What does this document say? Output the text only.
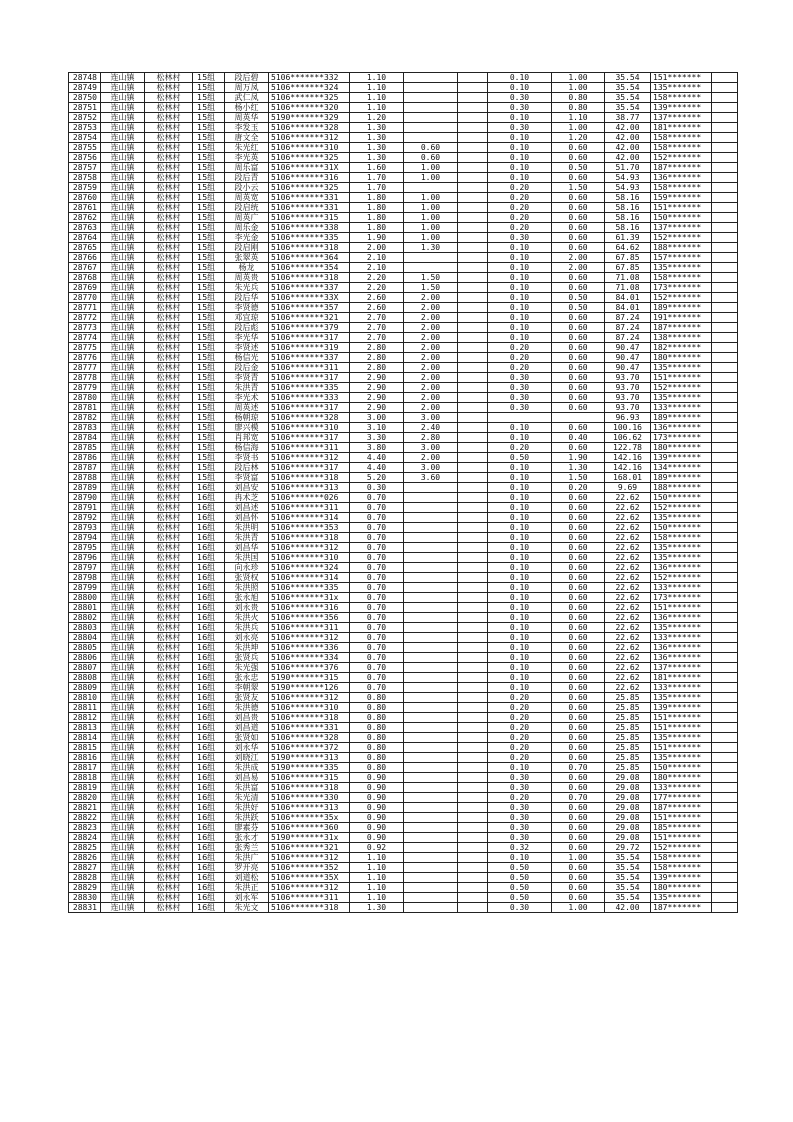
28748	连山镇	松林村	15组	段后碧	5106*******332	1.10			0.10	1.00	35.54	151*******	
28749	连山镇	松林村	15组	周万凤	5106*******324	1.10			0.10	1.00	35.54	135*******	
28750	连山镇	松林村	15组	武仁凤	5106*******325	1.10			0.30	0.80	35.54	158*******	
28751	连山镇	松林村	15组	杨小红	5106*******320	1.10			0.30	0.80	35.54	139*******	
28752	连山镇	松林村	15组	周英华	5190*******329	1.20			0.10	1.10	38.77	137*******	
28753	连山镇	松林村	15组	李发玉	5106*******328	1.30			0.30	1.00	42.00	181*******	
28754	连山镇	松林村	15组	唐文全	5106*******312	1.30			0.10	1.20	42.00	158*******	
28755	连山镇	松林村	15组	朱光红	5106*******310	1.30	0.60		0.10	0.60	42.00	158*******	
28756	连山镇	松林村	15组	李光英	5106*******325	1.30	0.60		0.10	0.60	42.00	152*******	
28757	连山镇	松林村	15组	周乐富	5106*******31X	1.60	1.00		0.10	0.50	51.70	187*******	
28758	连山镇	松林村	15组	段后青	5106*******316	1.70	1.00		0.10	0.60	54.93	136*******	
28759	连山镇	松林村	15组	段小云	5106*******325	1.70			0.20	1.50	54.93	158*******	
28760	连山镇	松林村	15组	周英宽	5106*******331	1.80	1.00		0.20	0.60	58.16	159*******	
28761	连山镇	松林村	15组	段启统	5106*******331	1.80	1.00		0.20	0.60	58.16	151*******	
28762	连山镇	松林村	15组	周英广	5106*******315	1.80	1.00		0.20	0.60	58.16	150*******	
28763	连山镇	松林村	15组	周乐金	5106*******338	1.80	1.00		0.20	0.60	58.16	137*******	
28764	连山镇	松林村	15组	李光金	5106*******335	1.90	1.00		0.30	0.60	61.39	152*******	
28765	连山镇	松林村	15组	段启刚	5106*******318	2.00	1.30		0.10	0.60	64.62	188*******	
28766	连山镇	松林村	15组	张翠英	5106*******364	2.10			0.10	2.00	67.85	157*******	
28767	连山镇	松林村	15组	杨龙	5106*******354	2.10			0.10	2.00	67.85	135*******	
28768	连山镇	松林村	15组	周英贵	5106*******318	2.20	1.50		0.10	0.60	71.08	158*******	
28769	连山镇	松林村	15组	朱光兵	5106*******337	2.20	1.50		0.10	0.60	71.08	173*******	
28770	连山镇	松林村	15组	段后华	5106*******33X	2.60	2.00		0.10	0.50	84.01	152*******	
28771	连山镇	松林村	15组	李贤德	5106*******357	2.60	2.00		0.10	0.50	84.01	189*******	
28772	连山镇	松林村	15组	邓宜琼	5106*******321	2.70	2.00		0.10	0.60	87.24	191*******	
28773	连山镇	松林村	15组	段后彪	5106*******379	2.70	2.00		0.10	0.60	87.24	187*******	
28774	连山镇	松林村	15组	李光华	5106*******317	2.70	2.00		0.10	0.60	87.24	138*******	
28775	连山镇	松林村	15组	李贤述	5106*******319	2.80	2.00		0.20	0.60	90.47	182*******	
28776	连山镇	松林村	15组	杨信光	5106*******337	2.80	2.00		0.20	0.60	90.47	180*******	
28777	连山镇	松林村	15组	段后金	5106*******311	2.80	2.00		0.20	0.60	90.47	135*******	
28778	连山镇	松林村	15组	李贤青	5106*******317	2.90	2.00		0.30	0.60	93.70	151*******	
28779	连山镇	松林村	15组	朱洪青	5106*******335	2.90	2.00		0.30	0.60	93.70	152*******	
28780	连山镇	松林村	15组	李光术	5106*******333	2.90	2.00		0.30	0.60	93.70	135*******	
28781	连山镇	松林村	15组	周英述	5106*******317	2.90	2.00		0.30	0.60	93.70	133*******	
28782	连山镇	松林村	15组	杨朝琼	5106*******328	3.00	3.00				96.93	189*******	
28783	连山镇	松林村	15组	廖兴模	5106*******310	3.10	2.40		0.10	0.60	100.16	136*******	
28784	连山镇	松林村	15组	肖邦宽	5106*******317	3.30	2.80		0.10	0.40	106.62	173*******	
28785	连山镇	松林村	15组	杨信海	5106*******311	3.80	3.00		0.20	0.60	122.78	180*******	
28786	连山镇	松林村	15组	李贤书	5106*******312	4.40	2.00		0.50	1.90	142.16	139*******	
28787	连山镇	松林村	15组	段后林	5106*******317	4.40	3.00		0.10	1.30	142.16	134*******	
28788	连山镇	松林村	15组	李贤富	5106*******318	5.20	3.60		0.10	1.50	168.01	189*******	
28789	连山镇	松林村	16组	刘昌安	5106*******313	0.30			0.10	0.20	9.69	188*******	
28790	连山镇	松林村	16组	冉术芝	5106*******026	0.70			0.10	0.60	22.62	150*******	
28791	连山镇	松林村	16组	刘昌述	5106*******311	0.70			0.10	0.60	22.62	152*******	
28792	连山镇	松林村	16组	刘昌怀	5106*******314	0.70			0.10	0.60	22.62	135*******	
28793	连山镇	松林村	16组	朱洪明	5106*******353	0.70			0.10	0.60	22.62	150*******	
28794	连山镇	松林村	16组	朱洪青	5106*******318	0.70			0.10	0.60	22.62	158*******	
28795	连山镇	松林村	16组	刘昌华	5106*******312	0.70			0.10	0.60	22.62	135*******	
28796	连山镇	松林村	16组	朱洪国	5106*******310	0.70			0.10	0.60	22.62	135*******	
28797	连山镇	松林村	16组	向永珍	5106*******324	0.70			0.10	0.60	22.62	136*******	
28798	连山镇	松林村	16组	张贤权	5106*******314	0.70			0.10	0.60	22.62	152*******	
28799	连山镇	松林村	16组	朱洪照	5106*******335	0.70			0.10	0.60	22.62	133*******	
28800	连山镇	松林村	16组	张永旭	5106*******31x	0.70			0.10	0.60	22.62	173*******	
28801	连山镇	松林村	16组	刘永贵	5106*******316	0.70			0.10	0.60	22.62	151*******	
28802	连山镇	松林村	16组	朱洪火	5106*******356	0.70			0.10	0.60	22.62	136*******	
28803	连山镇	松林村	16组	朱洪兵	5106*******311	0.70			0.10	0.60	22.62	135*******	
28804	连山镇	松林村	16组	刘永亮	5106*******312	0.70			0.10	0.60	22.62	133*******	
28805	连山镇	松林村	16组	朱洪坤	5106*******336	0.70			0.10	0.60	22.62	136*******	
28806	连山镇	松林村	16组	张贤兵	5106*******334	0.70			0.10	0.60	22.62	136*******	
28807	连山镇	松林村	16组	朱光强	5106*******376	0.70			0.10	0.60	22.62	137*******	
28808	连山镇	松林村	16组	张永忠	5190*******315	0.70			0.10	0.60	22.62	181*******	
28809	连山镇	松林村	16组	李朝翠	5190*******126	0.70			0.10	0.60	22.62	133*******	
28810	连山镇	松林村	16组	张贤友	5106*******312	0.80			0.20	0.60	25.85	135*******	
28811	连山镇	松林村	16组	朱洪德	5106*******310	0.80			0.20	0.60	25.85	139*******	
28812	连山镇	松林村	16组	刘昌贵	5106*******318	0.80			0.20	0.60	25.85	151*******	
28813	连山镇	松林村	16组	刘昌道	5106*******331	0.80			0.20	0.60	25.85	151*******	
28814	连山镇	松林村	16组	张贤如	5106*******328	0.80			0.20	0.60	25.85	135*******	
28815	连山镇	松林村	16组	刘永华	5106*******372	0.80			0.20	0.60	25.85	151*******	
28816	连山镇	松林村	16组	刘晓江	5190*******313	0.80			0.20	0.60	25.85	135*******	
28817	连山镇	松林村	16组	朱洪成	5190*******335	0.80			0.10	0.70	25.85	150*******	
28818	连山镇	松林村	16组	刘昌易	5106*******315	0.90			0.30	0.60	29.08	180*******	
28819	连山镇	松林村	16组	朱洪富	5106*******318	0.90			0.30	0.60	29.08	133*******	
28820	连山镇	松林村	16组	朱光清	5106*******330	0.90			0.20	0.70	29.08	177*******	
28821	连山镇	松林村	16组	朱洪好	5106*******313	0.90			0.30	0.60	29.08	187*******	
28822	连山镇	松林村	16组	朱洪跃	5106*******35x	0.90			0.30	0.60	29.08	151*******	
28823	连山镇	松林村	16组	廖素芬	5106*******360	0.90			0.30	0.60	29.08	185*******	
28824	连山镇	松林村	16组	张永才	5190*******31x	0.90			0.30	0.60	29.08	151*******	
28825	连山镇	松林村	16组	张秀兰	5106*******321	0.92			0.32	0.60	29.72	152*******	
28826	连山镇	松林村	16组	朱洪广	5106*******312	1.10			0.10	1.00	35.54	158*******	
28827	连山镇	松林村	16组	罗开亮	5106*******352	1.10			0.50	0.60	35.54	158*******	
28828	连山镇	松林村	16组	刘道松	5106*******35X	1.10			0.50	0.60	35.54	139*******	
28829	连山镇	松林村	16组	朱洪正	5106*******312	1.10			0.50	0.60	35.54	180*******	
28830	连山镇	松林村	16组	刘永军	5106*******311	1.10			0.50	0.60	35.54	135*******	
28831	连山镇	松林村	16组	朱光文	5106*******318	1.30			0.30	1.00	42.00	187*******	
